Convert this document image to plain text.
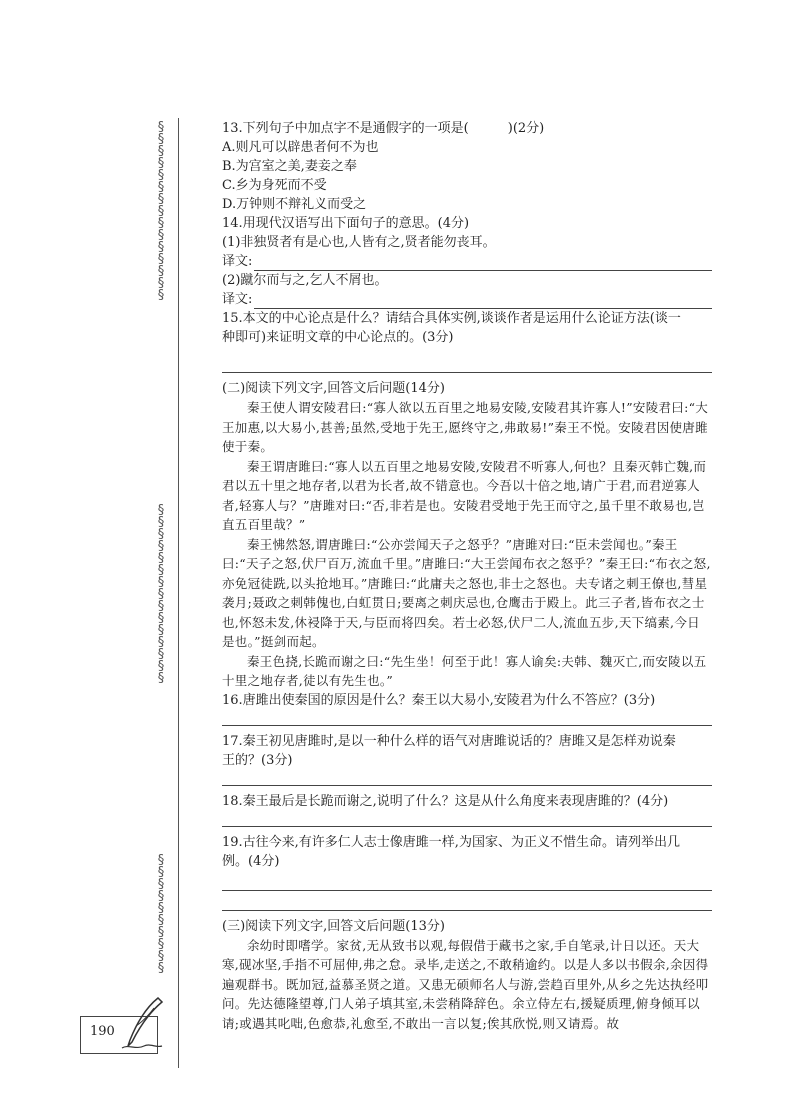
§
§
§
§
§
§
§
§
§
§
§
§
§
§
§
§
§
§
§
§
§
§
§
§
§
§
§
§
§
§
§
§
§
§
§
§
§
§
§
§
190

13.下列句子中加点字不是通假字的一项是(　　　)(2分)

A.则凡可以辟患者何不为也

B.为宫室之美,妻妾之奉

C.乡为身死而不受

D.万钟则不辩礼义而受之

14.用现代汉语写出下面句子的意思。(4分)

(1)非独贤者有是心也,人皆有之,贤者能勿丧耳。

译文:

(2)蹴尔而与之,乞人不屑也。

译文:

15.本文的中心论点是什么？请结合具体实例,谈谈作者是运用什么论证方法(谈一

种即可)来证明文章的中心论点的。(3分)

(二)阅读下列文字,回答文后问题(14分)

秦王使人谓安陵君曰:“寡人欲以五百里之地易安陵,安陵君其许寡人!”安陵君曰:“大王加惠,以大易小,甚善;虽然,受地于先王,愿终守之,弗敢易!”秦王不悦。安陵君因使唐雎使于秦。

秦王谓唐雎曰:“寡人以五百里之地易安陵,安陵君不听寡人,何也？且秦灭韩亡魏,而君以五十里之地存者,以君为长者,故不错意也。今吾以十倍之地,请广于君,而君逆寡人者,轻寡人与？”唐雎对曰:“否,非若是也。安陵君受地于先王而守之,虽千里不敢易也,岂直五百里哉？”

秦王怫然怒,谓唐雎曰:“公亦尝闻天子之怒乎？”唐雎对曰:“臣未尝闻也。”秦王曰:“天子之怒,伏尸百万,流血千里。”唐雎曰:“大王尝闻布衣之怒乎？”秦王曰:“布衣之怒,亦免冠徒跣,以头抢地耳。”唐雎曰:“此庸夫之怒也,非士之怒也。夫专诸之刺王僚也,彗星袭月;聂政之刺韩傀也,白虹贯日;要离之刺庆忌也,仓鹰击于殿上。此三子者,皆布衣之士也,怀怒未发,休祲降于天,与臣而将四矣。若士必怒,伏尸二人,流血五步,天下缟素,今日是也。”挺剑而起。

秦王色挠,长跪而谢之曰:“先生坐！何至于此！寡人谕矣:夫韩、魏灭亡,而安陵以五十里之地存者,徒以有先生也。”

16.唐雎出使秦国的原因是什么？秦王以大易小,安陵君为什么不答应？(3分)

17.秦王初见唐雎时,是以一种什么样的语气对唐雎说话的？唐雎又是怎样劝说秦

王的？(3分)

18.秦王最后是长跪而谢之,说明了什么？这是从什么角度来表现唐雎的？(4分)

19.古往今来,有许多仁人志士像唐雎一样,为国家、为正义不惜生命。请列举出几

例。(4分)

(三)阅读下列文字,回答文后问题(13分)

余幼时即嗜学。家贫,无从致书以观,每假借于藏书之家,手自笔录,计日以还。天大寒,砚冰坚,手指不可屈伸,弗之怠。录毕,走送之,不敢稍逾约。以是人多以书假余,余因得遍观群书。既加冠,益慕圣贤之道。又患无硕师名人与游,尝趋百里外,从乡之先达执经叩问。先达德隆望尊,门人弟子填其室,未尝稍降辞色。余立侍左右,援疑质理,俯身倾耳以请;或遇其叱咄,色愈恭,礼愈至,不敢出一言以复;俟其欣悦,则又请焉。故
